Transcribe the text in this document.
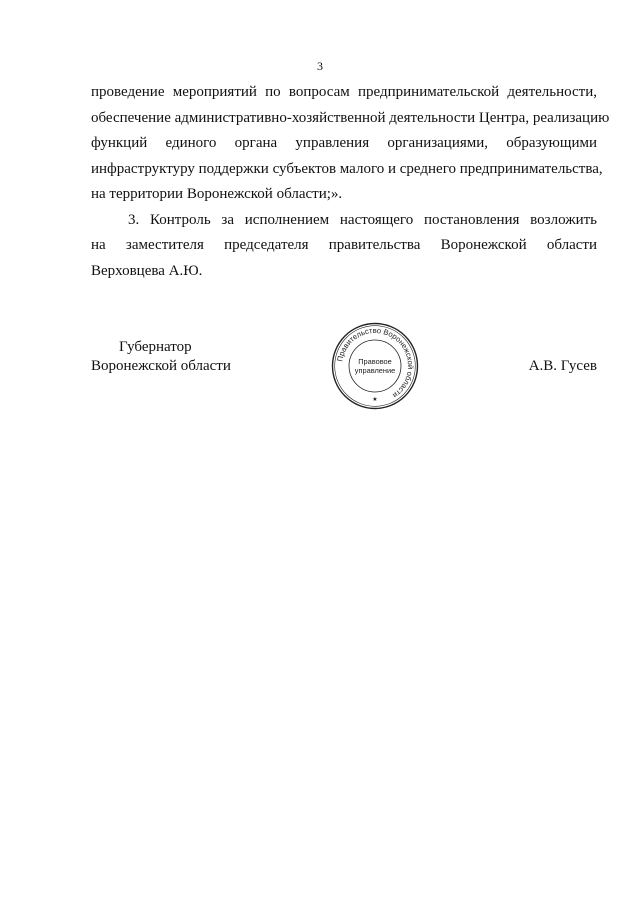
3
проведение мероприятий по вопросам предпринимательской деятельности,
обеспечение административно-хозяйственной деятельности Центра, реализацию
функций единого органа управления организациями, образующими
инфраструктуру поддержки субъектов малого и среднего предпринимательства,
на территории Воронежской области;».
3. Контроль за исполнением настоящего постановления возложить
на заместителя председателя правительства Воронежской области
Верховцева А.Ю.
Губернатор
Воронежской области	Правительство Воронежской области
Правовое
управление
★
А.В. Гусев
